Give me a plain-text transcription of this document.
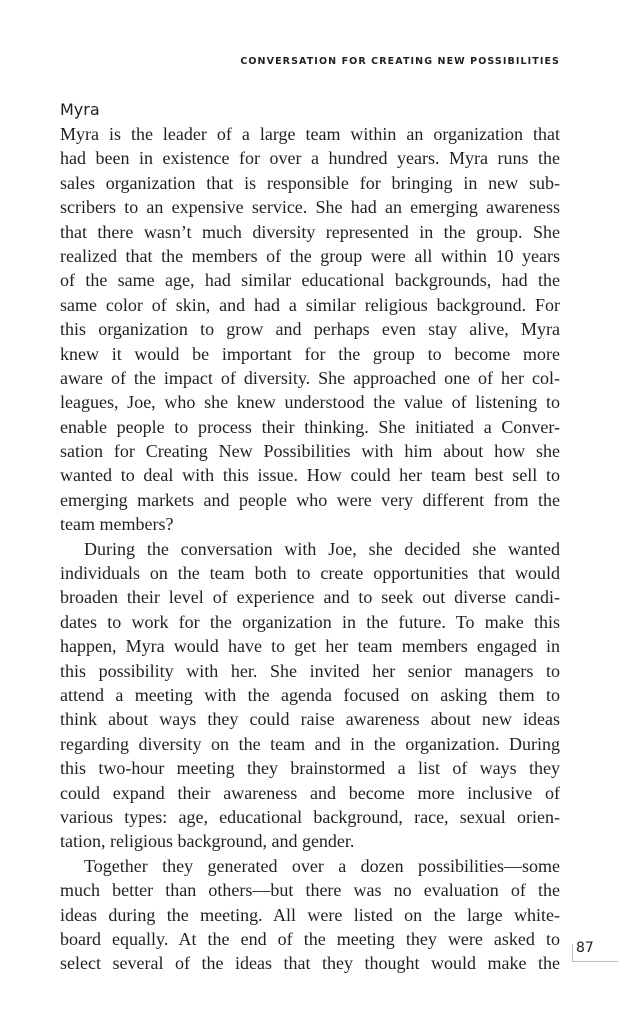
CONVERSATION FOR CREATING NEW POSSIBILITIES
Myra
Myra is the leader of a large team within an organization that
had been in existence for over a hundred years. Myra runs the
sales organization that is responsible for bringing in new sub-
scribers to an expensive service. She had an emerging awareness
that there wasn’t much diversity represented in the group. She
realized that the members of the group were all within 10 years
of the same age, had similar educational backgrounds, had the
same color of skin, and had a similar religious background. For
this organization to grow and perhaps even stay alive, Myra
knew it would be important for the group to become more
aware of the impact of diversity. She approached one of her col-
leagues, Joe, who she knew understood the value of listening to
enable people to process their thinking. She initiated a Conver-
sation for Creating New Possibilities with him about how she
wanted to deal with this issue. How could her team best sell to
emerging markets and people who were very different from the
team members?
During the conversation with Joe, she decided she wanted
individuals on the team both to create opportunities that would
broaden their level of experience and to seek out diverse candi-
dates to work for the organization in the future. To make this
happen, Myra would have to get her team members engaged in
this possibility with her. She invited her senior managers to
attend a meeting with the agenda focused on asking them to
think about ways they could raise awareness about new ideas
regarding diversity on the team and in the organization. During
this two-hour meeting they brainstormed a list of ways they
could expand their awareness and become more inclusive of
various types: age, educational background, race, sexual orien-
tation, religious background, and gender.
Together they generated over a dozen possibilities—some
much better than others—but there was no evaluation of the
ideas during the meeting. All were listed on the large white-
board equally. At the end of the meeting they were asked to
select several of the ideas that they thought would make the
87
